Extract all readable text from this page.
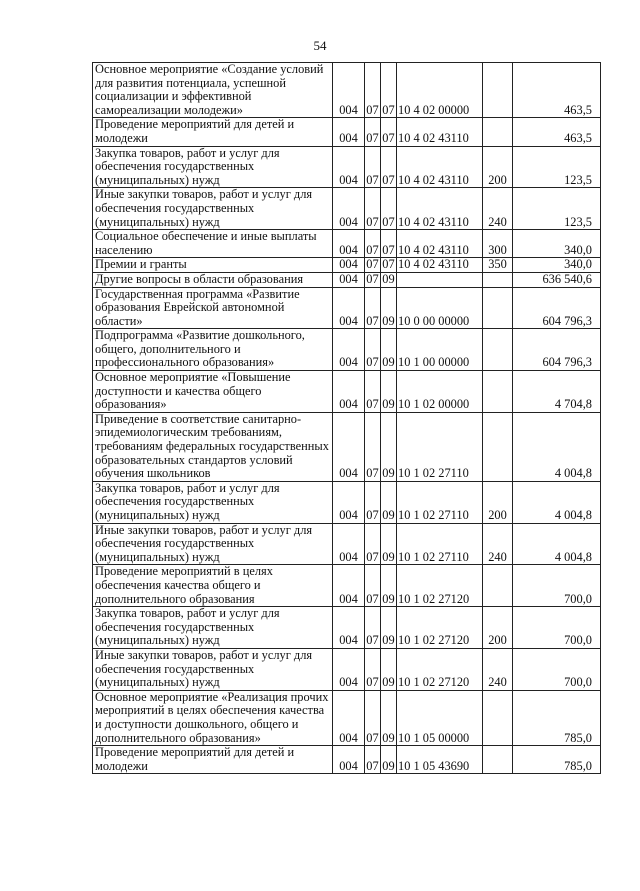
54
Основное мероприятие «Создание условий для развития потенциала, успешной социализации и эффективной самореализации молодежи»	004	07	07	10 4 02 00000		463,5
Проведение мероприятий для детей и молодежи	004	07	07	10 4 02 43110		463,5
Закупка товаров, работ и услуг для обеспечения государственных (муниципальных) нужд	004	07	07	10 4 02 43110	200	123,5
Иные закупки товаров, работ и услуг для обеспечения государственных (муниципальных) нужд	004	07	07	10 4 02 43110	240	123,5
Социальное обеспечение и иные выплаты населению	004	07	07	10 4 02 43110	300	340,0
Премии и гранты	004	07	07	10 4 02 43110	350	340,0
Другие вопросы в области образования	004	07	09			636 540,6
Государственная программа «Развитие образования Еврейской автономной области»	004	07	09	10 0 00 00000		604 796,3
Подпрограмма «Развитие дошкольного, общего, дополнительного и профессионального образования»	004	07	09	10 1 00 00000		604 796,3
Основное мероприятие «Повышение доступности и качества общего образования»	004	07	09	10 1 02 00000		4 704,8
Приведение в соответствие санитарно-эпидемиологическим требованиям, требованиям федеральных государственных образовательных стандартов условий обучения школьников	004	07	09	10 1 02 27110		4 004,8
Закупка товаров, работ и услуг для обеспечения государственных (муниципальных) нужд	004	07	09	10 1 02 27110	200	4 004,8
Иные закупки товаров, работ и услуг для обеспечения государственных (муниципальных) нужд	004	07	09	10 1 02 27110	240	4 004,8
Проведение мероприятий в целях обеспечения качества общего и дополнительного образования	004	07	09	10 1 02 27120		700,0
Закупка товаров, работ и услуг для обеспечения государственных (муниципальных) нужд	004	07	09	10 1 02 27120	200	700,0
Иные закупки товаров, работ и услуг для обеспечения государственных (муниципальных) нужд	004	07	09	10 1 02 27120	240	700,0
Основное мероприятие «Реализация прочих мероприятий в целях обеспечения качества и доступности дошкольного, общего и дополнительного образования»	004	07	09	10 1 05 00000		785,0
Проведение мероприятий для детей и молодежи	004	07	09	10 1 05 43690		785,0
